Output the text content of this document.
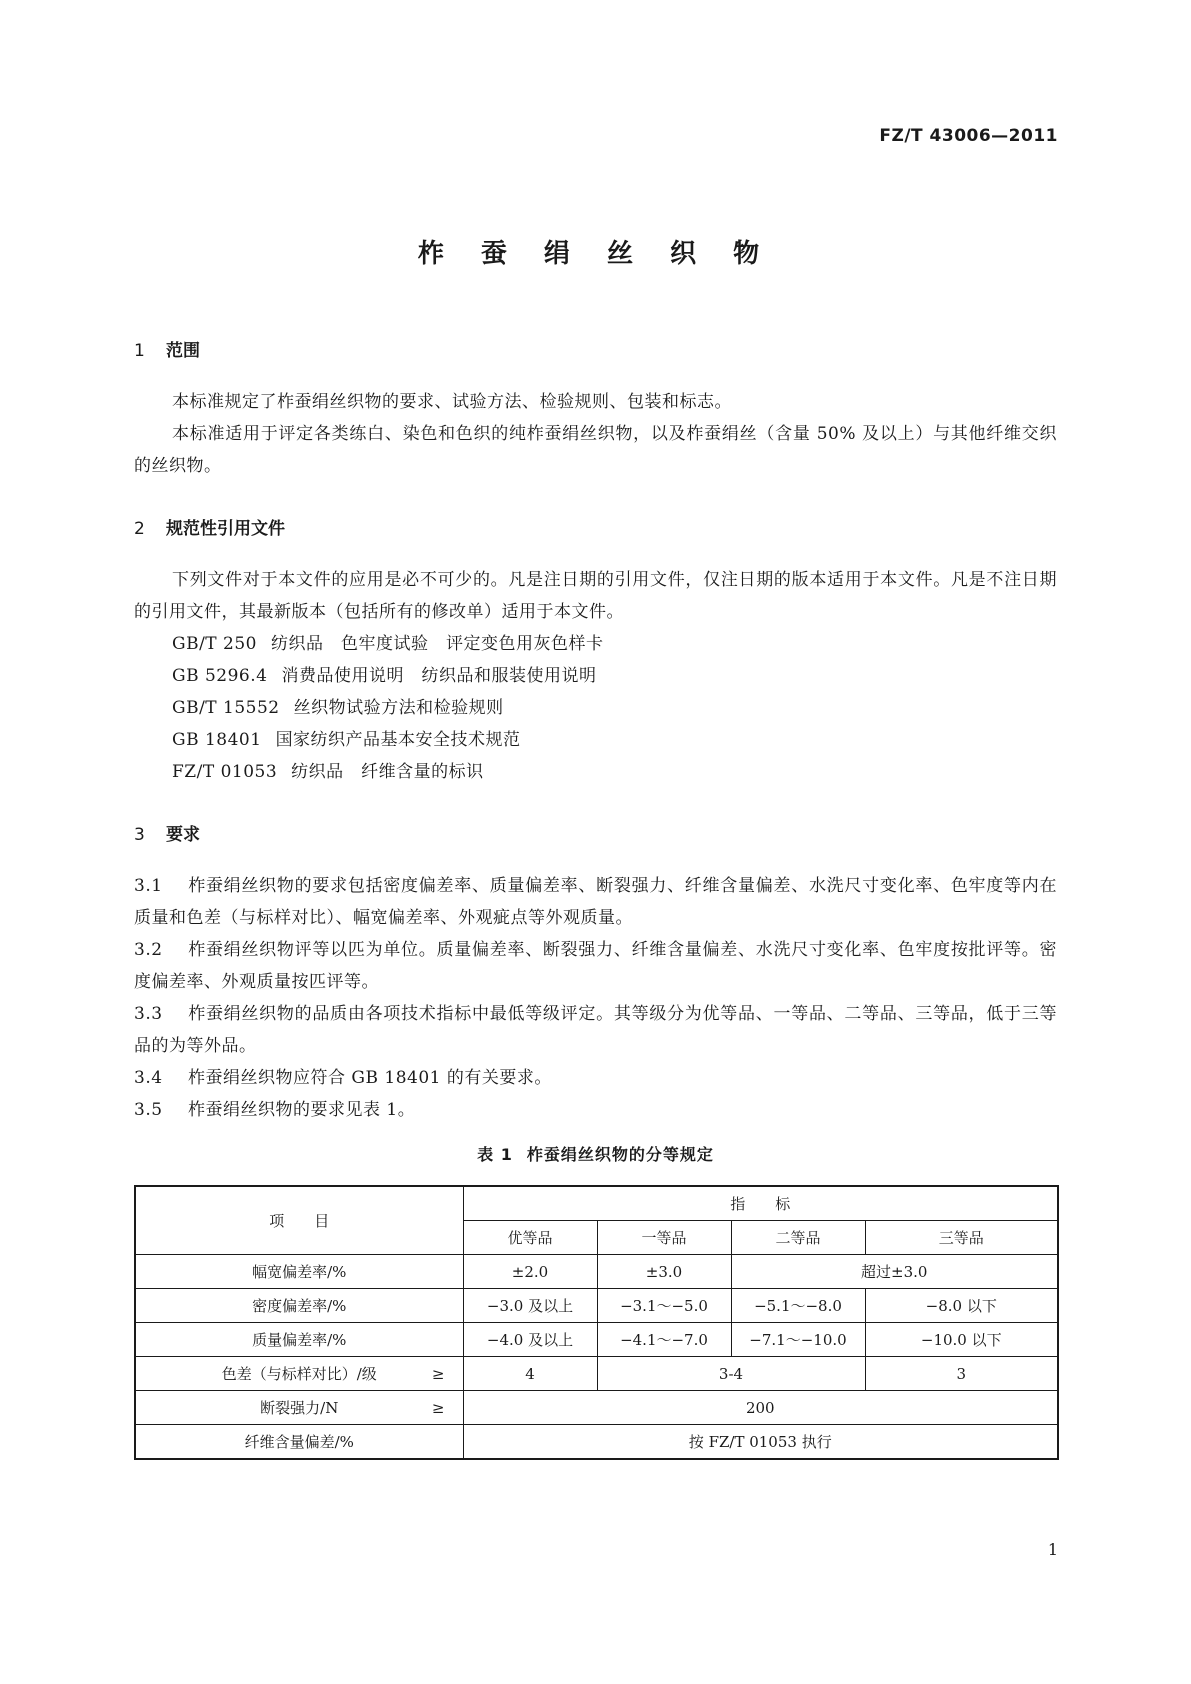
FZ/T 43006—2011
柞 蚕 绢 丝 织 物
1 范围

本标准规定了柞蚕绢丝织物的要求、试验方法、检验规则、包装和标志。

本标准适用于评定各类练白、染色和色织的纯柞蚕绢丝织物，以及柞蚕绢丝（含量 50% 及以上）与其他纤维交织的丝织物。

2 规范性引用文件

下列文件对于本文件的应用是必不可少的。凡是注日期的引用文件，仅注日期的版本适用于本文件。凡是不注日期的引用文件，其最新版本（包括所有的修改单）适用于本文件。

GB/T 250 纺织品　色牢度试验　评定变色用灰色样卡

GB 5296.4 消费品使用说明　纺织品和服装使用说明

GB/T 15552 丝织物试验方法和检验规则

GB 18401 国家纺织产品基本安全技术规范

FZ/T 01053 纺织品　纤维含量的标识

3 要求

3.1 柞蚕绢丝织物的要求包括密度偏差率、质量偏差率、断裂强力、纤维含量偏差、水洗尺寸变化率、色牢度等内在质量和色差（与标样对比）、幅宽偏差率、外观疵点等外观质量。

3.2 柞蚕绢丝织物评等以匹为单位。质量偏差率、断裂强力、纤维含量偏差、水洗尺寸变化率、色牢度按批评等。密度偏差率、外观质量按匹评等。

3.3 柞蚕绢丝织物的品质由各项技术指标中最低等级评定。其等级分为优等品、一等品、二等品、三等品，低于三等品的为等外品。

3.4 柞蚕绢丝织物应符合 GB 18401 的有关要求。

3.5 柞蚕绢丝织物的要求见表 1。

表 1 柞蚕绢丝织物的分等规定
项　　目	指　　标			
	优等品	一等品	二等品	三等品
幅宽偏差率/%	±2.0	±3.0	超过±3.0	
密度偏差率/%	−3.0 及以上	−3.1～−5.0	−5.1～−8.0	−8.0 以下
质量偏差率/%	−4.0 及以上	−4.1～−7.0	−7.1～−10.0	−10.0 以下
色差（与标样对比）/级 ≥	4	3-4		3
断裂强力/N ≥	200			
纤维含量偏差/%	按 FZ/T 01053 执行			
1
